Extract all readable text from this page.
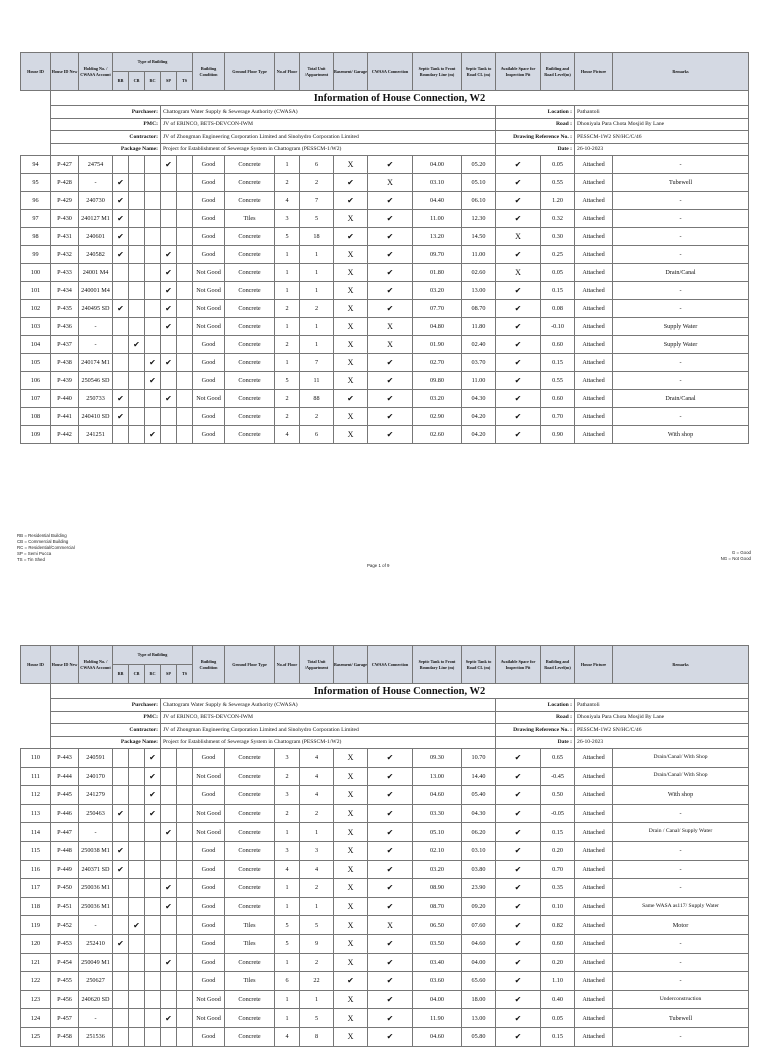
	Information of House Connection, W2																		
			Purchaser:			Chattogram Water Supply & Sewerage Authority (CWASA)										Location :		Pathantoli	
			PMC:			JV of ERINCO, BETS-DEVCON-IWM										Road :		Dhoniyala Para Chota Mosjid By Lane	
			Contractor:			JV of Zhongman Engineering Corporation Limited and Sinohydro Corporation Limited										Drawing Reference No. :		PESSCM-1W2 SN/HC/C/46	
			Package Name:			Project for Establishment of Sewerage System in Chattogram (PESSCM-1/W2)										Date :		26-10-2023	
House ID	House ID New	Holding No. / CWASA Account	Type of Building					Building Condition	Ground Floor Type	No.of Floor	Total Unit /Appartment	Basement/ Garage	CWASA Connection	Septic Tank to Front Boundary Line (m)	Septic Tank to Road CL (m)	Available Space for Inspection Pit	Building and Road Level(m)	House Picture	Remarks
			RB	CB	RC	SP	TS												
94	P-427	24754				✔		Good	Concrete	1	6	X	✔	04.00	05.20	✔	0.05	Attached	-
95	P-428	-	✔					Good	Concrete	2	2	✔	X	03.10	05.10	✔	0.55	Attached	Tubewell
96	P-429	240730	✔					Good	Concrete	4	7	✔	✔	04.40	06.10	✔	1.20	Attached	-
97	P-430	240127 M1	✔					Good	Tiles	3	5	X	✔	11.00	12.30	✔	0.32	Attached	-
98	P-431	240601	✔					Good	Concrete	5	18	✔	✔	13.20	14.50	X	0.30	Attached	-
99	P-432	240582	✔			✔		Good	Concrete	1	1	X	✔	09.70	11.00	✔	0.25	Attached	-
100	P-433	24001 M4				✔		Not Good	Concrete	1	1	X	✔	01.80	02.60	X	0.05	Attached	Drain/Canal
101	P-434	240001 M4				✔		Not Good	Concrete	1	1	X	✔	03.20	13.00	✔	0.15	Attached	-
102	P-435	240495 SD	✔			✔		Not Good	Concrete	2	2	X	✔	07.70	08.70	✔	0.08	Attached	-
103	P-436	-				✔		Not Good	Concrete	1	1	X	X	04.80	11.80	✔	-0.10	Attached	Supply Water
104	P-437	-		✔				Good	Concrete	2	1	X	X	01.90	02.40	✔	0.60	Attached	Supply Water
105	P-438	240174 M1			✔	✔		Good	Concrete	1	7	X	✔	02.70	03.70	✔	0.15	Attached	-
106	P-439	250546 SD			✔			Good	Concrete	5	11	X	✔	09.80	11.00	✔	0.55	Attached	-
107	P-440	250733	✔			✔		Not Good	Concrete	2	88	✔	✔	03.20	04.30	✔	0.60	Attached	Drain/Canal
108	P-441	240410 SD	✔					Good	Concrete	2	2	X	✔	02.90	04.20	✔	0.70	Attached	-
109	P-442	241251			✔			Good	Concrete	4	6	X	✔	02.60	04.20	✔	0.90	Attached	With shop
RB = Residential Building
CB = Commercial Building
RC = Residential/Commercial
SP = Semi Pucca
TS = Tin Shed
Page 1 of 9
G = Good
NG = Not Good
	Information of House Connection, W2																		
			Purchaser:			Chattogram Water Supply & Sewerage Authority (CWASA)										Location :		Pathantoli	
			PMC:			JV of ERINCO, BETS-DEVCON-IWM										Road :		Dhoniyala Para Chota Mosjid By Lane	
			Contractor:			JV of Zhongman Engineering Corporation Limited and Sinohydro Corporation Limited										Drawing Reference No. :		PESSCM-1W2 SN/HC/C/46	
			Package Name:			Project for Establishment of Sewerage System in Chattogram (PESSCM-1/W2)										Date :		26-10-2023	
House ID	House ID New	Holding No. / CWASA Account	Type of Building					Building Condition	Ground Floor Type	No.of Floor	Total Unit /Appartment	Basement/ Garage	CWASA Connection	Septic Tank to Front Boundary Line (m)	Septic Tank to Road CL (m)	Available Space for Inspection Pit	Building and Road Level(m)	House Picture	Remarks
			RB	CB	RC	SP	TS												
110	P-443	240591			✔			Good	Concrete	3	4	X	✔	09.30	10.70	✔	0.65	Attached	Drain/Canal/ With Shop
111	P-444	240170			✔			Not Good	Concrete	2	4	X	✔	13.00	14.40	✔	-0.45	Attached	Drain/Canal/ With Shop
112	P-445	241279			✔			Good	Concrete	3	4	X	✔	04.60	05.40	✔	0.50	Attached	With shop
113	P-446	250463	✔		✔			Not Good	Concrete	2	2	X	✔	03.30	04.30	✔	-0.05	Attached	-
114	P-447	-				✔		Not Good	Concrete	1	1	X	✔	05.10	06.20	✔	0.15	Attached	Drain / Canal/ Supply Water
115	P-448	250038 M1	✔					Good	Concrete	3	3	X	✔	02.10	03.10	✔	0.20	Attached	-
116	P-449	240371 SD	✔					Good	Concrete	4	4	X	✔	03.20	03.80	✔	0.70	Attached	-
117	P-450	250036 M1				✔		Good	Concrete	1	2	X	✔	08.90	23.90	✔	0.35	Attached	-
118	P-451	250036 M1				✔		Good	Concrete	1	1	X	✔	08.70	09.20	✔	0.10	Attached	Same WASA as117/ Supply Water
119	P-452	-		✔				Good	Tiles	5	5	X	X	06.50	07.60	✔	0.82	Attached	Motor
120	P-453	252410	✔					Good	Tiles	5	9	X	✔	03.50	04.60	✔	0.60	Attached	-
121	P-454	250049 M1				✔		Good	Concrete	1	2	X	✔	03.40	04.00	✔	0.20	Attached	-
122	P-455	250627						Good	Tiles	6	22	✔	✔	03.60	65.60	✔	1.10	Attached	-
123	P-456	240620 SD						Not Good	Concrete	1	1	X	✔	04.00	18.00	✔	0.40	Attached	Underconstruction
124	P-457	-				✔		Not Good	Concrete	1	5	X	✔	11.90	13.00	✔	0.05	Attached	Tubewell
125	P-458	251536						Good	Concrete	4	8	X	✔	04.60	05.80	✔	0.15	Attached	-
